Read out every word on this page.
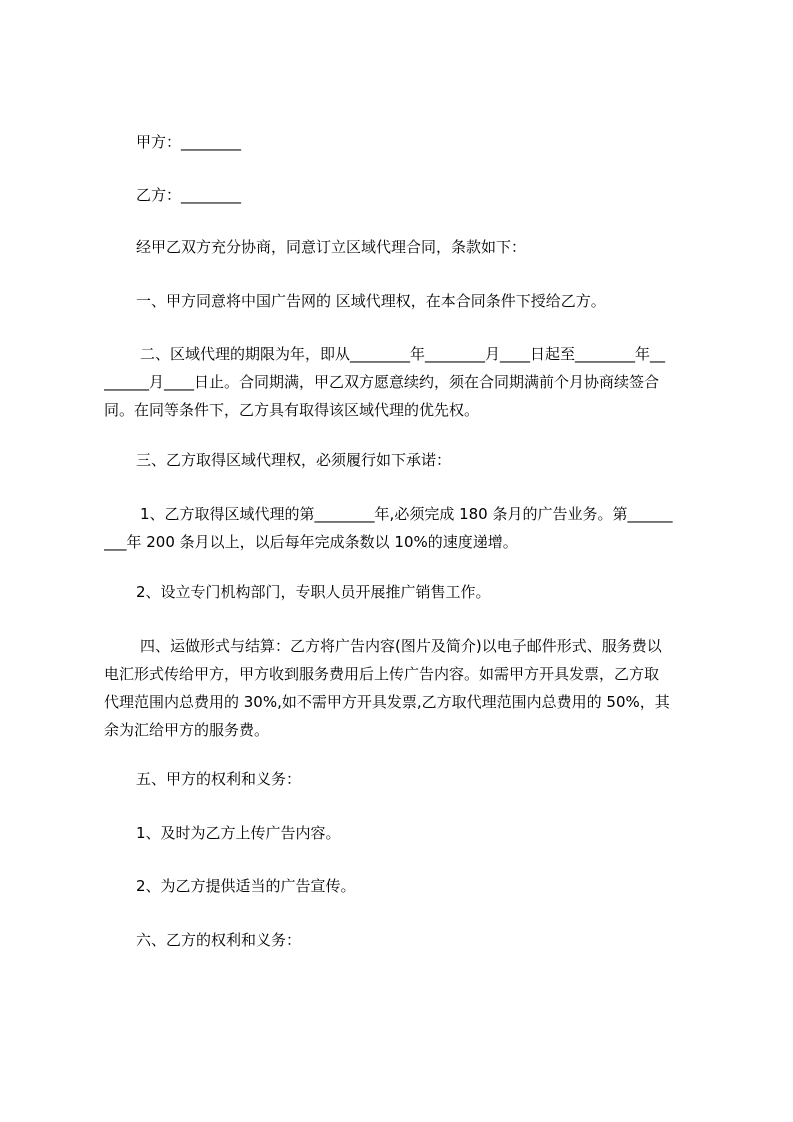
甲方：________

乙方：________

经甲乙双方充分协商，同意订立区域代理合同，条款如下：

一、甲方同意将中国广告网的 区域代理权，在本合同条件下授给乙方。

二、区域代理的期限为年，即从________年________月____日起至________年__
______月____日止。合同期满，甲乙双方愿意续约，须在合同期满前个月协商续签合
同。在同等条件下，乙方具有取得该区域代理的优先权。

三、乙方取得区域代理权，必须履行如下承诺：

1、乙方取得区域代理的第________年,必须完成 180 条月的广告业务。第______
___年 200 条月以上，以后每年完成条数以 10%的速度递增。

2、设立专门机构部门，专职人员开展推广销售工作。

四、运做形式与结算：乙方将广告内容(图片及简介)以电子邮件形式、服务费以
电汇形式传给甲方，甲方收到服务费用后上传广告内容。如需甲方开具发票，乙方取
代理范围内总费用的 30%,如不需甲方开具发票,乙方取代理范围内总费用的 50%，其
余为汇给甲方的服务费。

五、甲方的权利和义务：

1、及时为乙方上传广告内容。

2、为乙方提供适当的广告宣传。

六、乙方的权利和义务：
